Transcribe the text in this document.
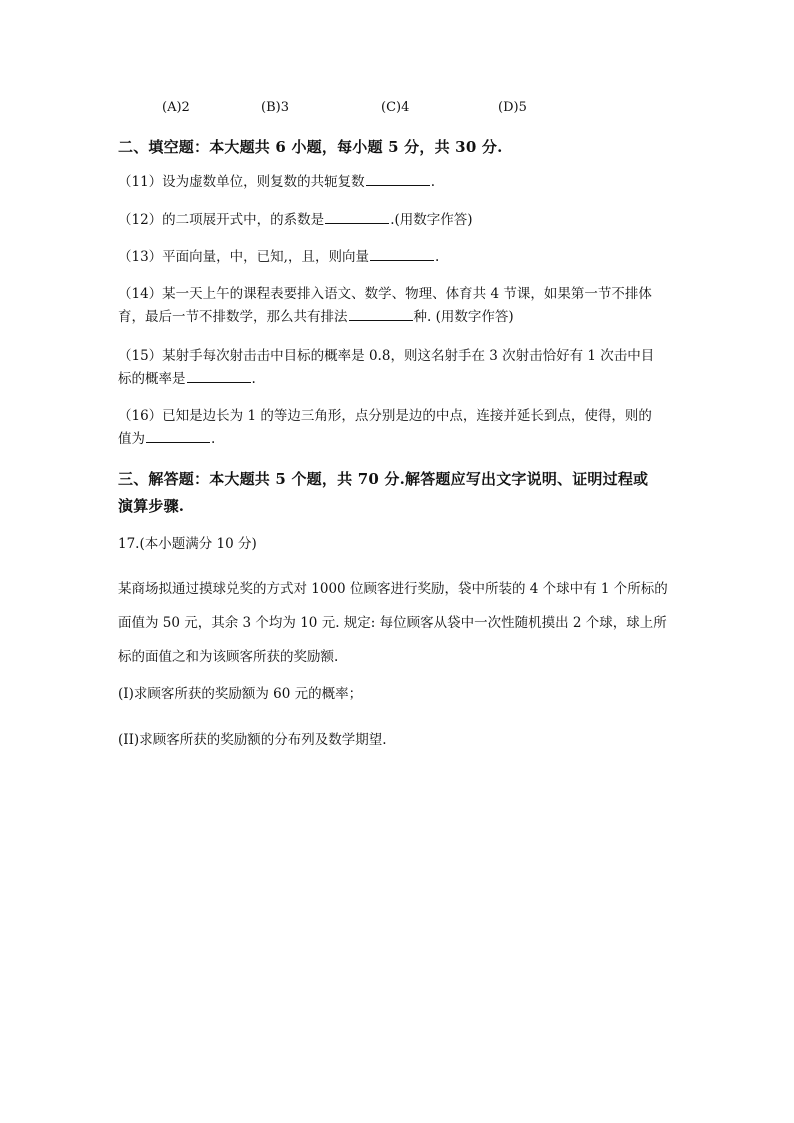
(A)2	(B)3	(C)4	(D)5
二、填空题：本大题共 6 小题，每小题 5 分，共 30 分.
（11）设为虚数单位，则复数的共轭复数	.
（12）的二项展开式中，的系数是	.(用数字作答)
（13）平面向量，中，已知,，且，则向量	.
（14）某一天上午的课程表要排入语文、数学、物理、体育共 4 节课，如果第一节不排体
育，最后一节不排数学，那么共有排法	种. (用数字作答)
（15）某射手每次射击击中目标的概率是 0.8，则这名射手在 3 次射击恰好有 1 次击中目
标的概率是	.
（16）已知是边长为 1 的等边三角形，点分别是边的中点，连接并延长到点，使得，则的
值为	.
三、解答题：本大题共 5 个题，共 70 分.解答题应写出文字说明、证明过程或
演算步骤.
17.(本小题满分 10 分)
某商场拟通过摸球兑奖的方式对 1000 位顾客进行奖励，袋中所装的 4 个球中有 1 个所标的
面值为 50 元，其余 3 个均为 10 元. 规定: 每位顾客从袋中一次性随机摸出 2 个球，球上所
标的面值之和为该顾客所获的奖励额.
(I)求顾客所获的奖励额为 60 元的概率；
(II)求顾客所获的奖励额的分布列及数学期望.
